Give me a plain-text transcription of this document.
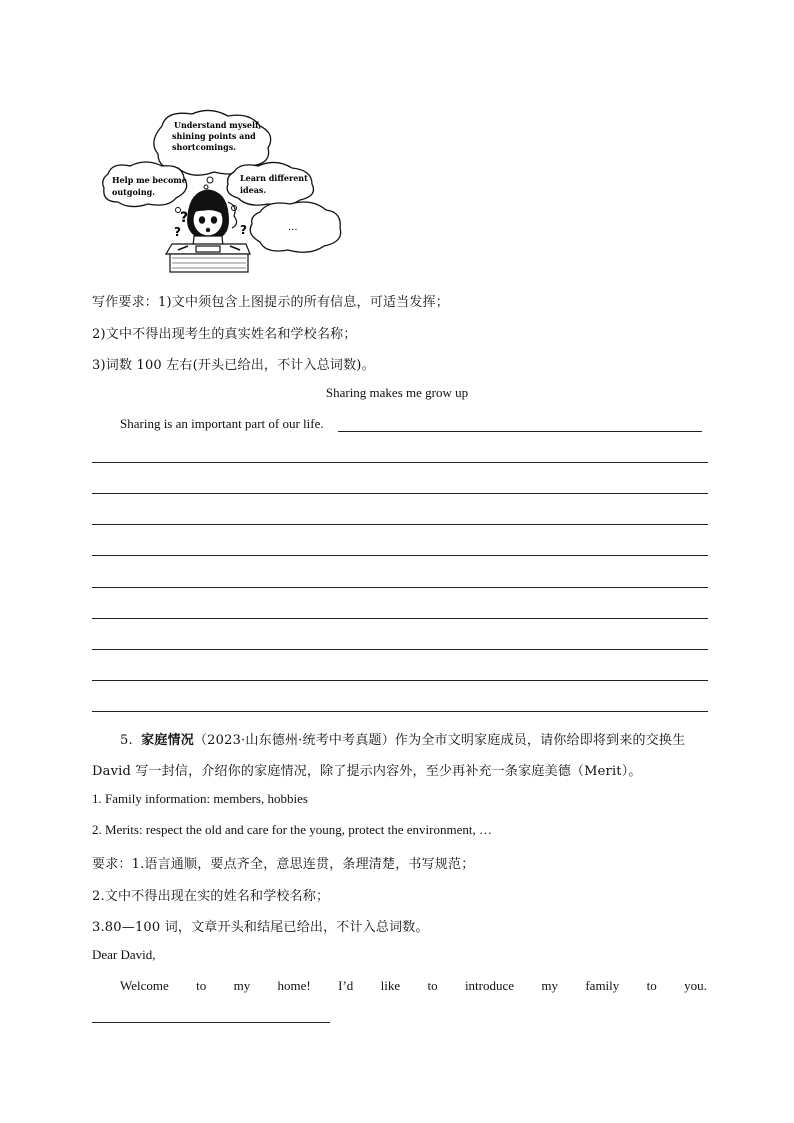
Understand myself,
shining points and
shortcomings.
Help me become
outgoing.
Learn different
ideas.
...
?
?	?
写作要求：1)文中须包含上图提示的所有信息，可适当发挥；
2)文中不得出现考生的真实姓名和学校名称；
3)词数 100 左右(开头已给出，不计入总词数)。
Sharing makes me grow up
Sharing is an important part of our life.
5. 家庭情况（2023·山东德州·统考中考真题）作为全市文明家庭成员，请你给即将到来的交换生
David 写一封信，介绍你的家庭情况，除了提示内容外，至少再补充一条家庭美德（Merit）。
1. Family information: members, hobbies
2. Merits: respect the old and care for the young, protect the environment, …
要求：1.语言通顺，要点齐全，意思连贯，条理清楚，书写规范；
2.文中不得出现在实的姓名和学校名称；
3.80—100 词，文章开头和结尾已给出，不计入总词数。
Dear David,
Welcome to my home! I’d like to introduce my family to you.
